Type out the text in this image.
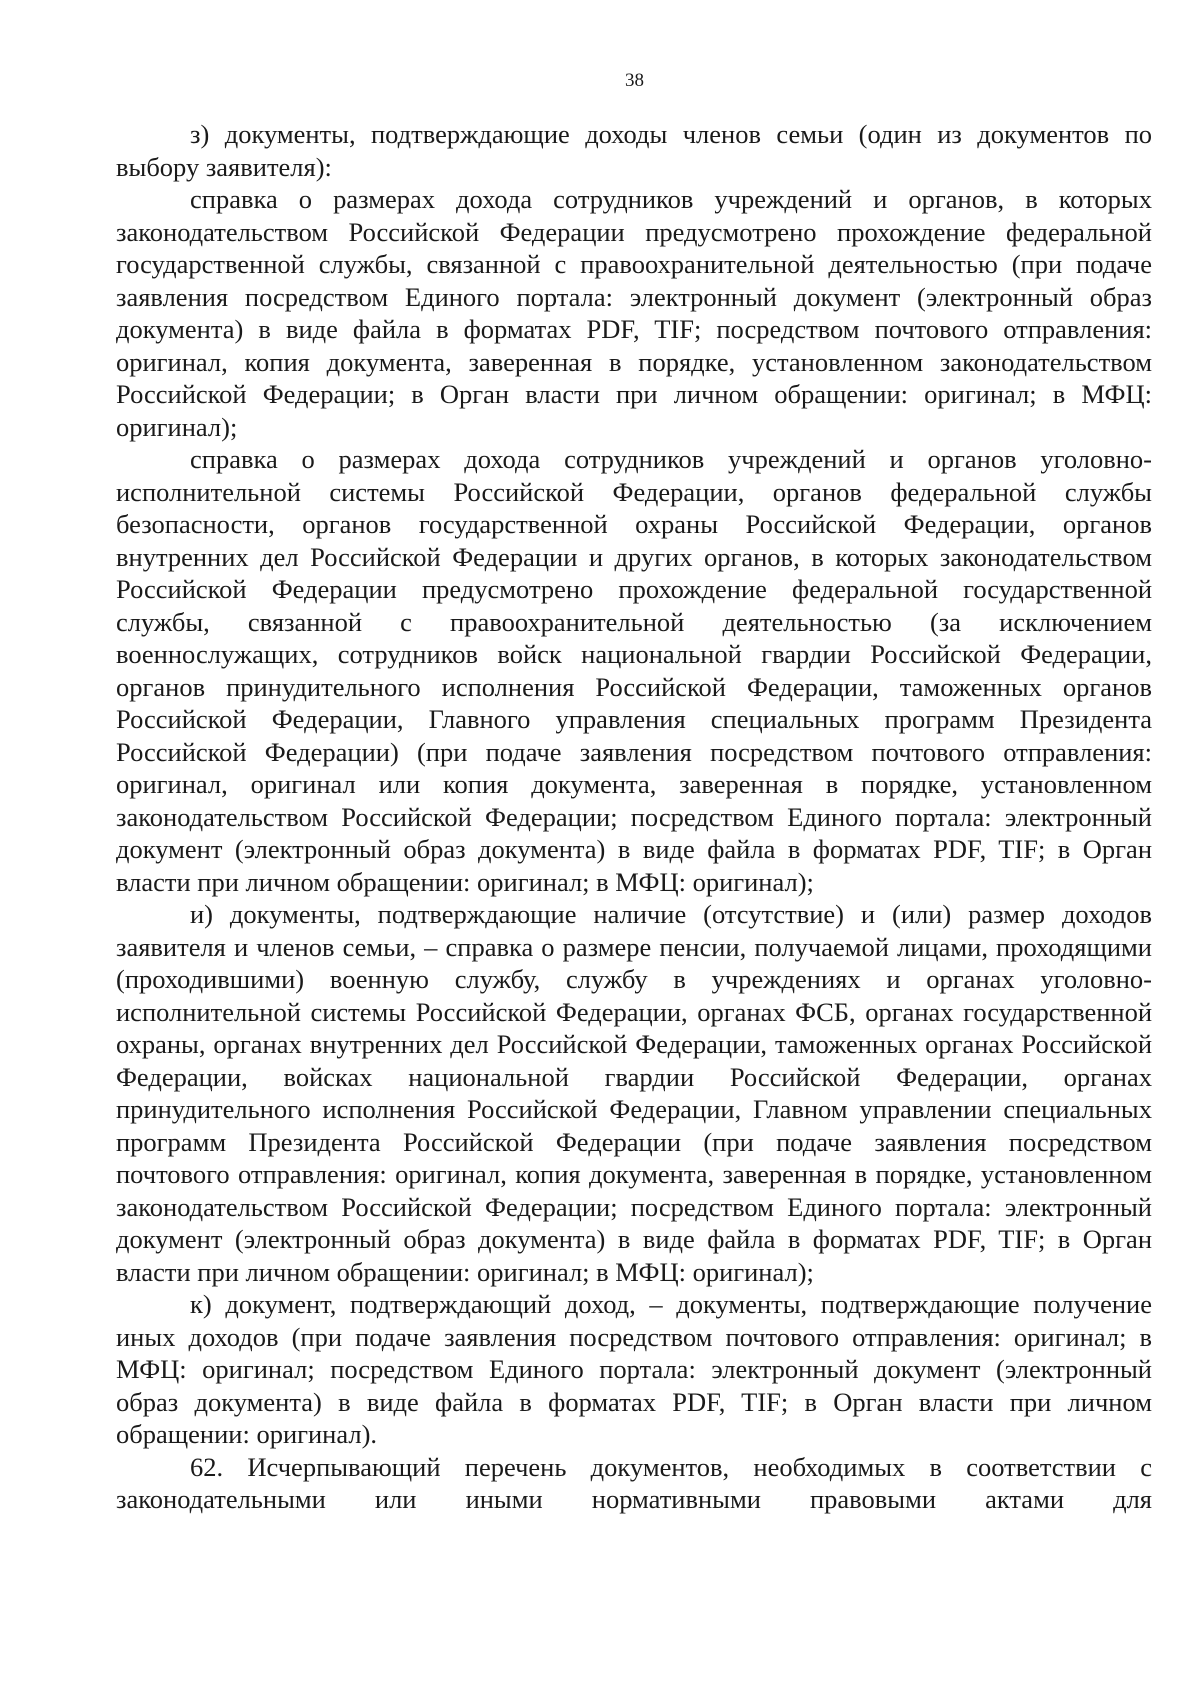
38

з) документы, подтверждающие доходы членов семьи (один из документов по выбору заявителя):

справка о размерах дохода сотрудников учреждений и органов, в которых законодательством Российской Федерации предусмотрено прохождение федеральной государственной службы, связанной с правоохранительной деятельностью (при подаче заявления посредством Единого портала: электронный документ (электронный образ документа) в виде файла в форматах PDF, TIF; посредством почтового отправления: оригинал, копия документа, заверенная в порядке, установленном законодательством Российской Федерации; в Орган власти при личном обращении: оригинал; в МФЦ: оригинал);

справка о размерах дохода сотрудников учреждений и органов уголовно-исполнительной системы Российской Федерации, органов федеральной службы безопасности, органов государственной охраны Российской Федерации, органов внутренних дел Российской Федерации и других органов, в которых законодательством Российской Федерации предусмотрено прохождение федеральной государственной службы, связанной с правоохранительной деятельностью (за исключением военнослужащих, сотрудников войск национальной гвардии Российской Федерации, органов принудительного исполнения Российской Федерации, таможенных органов Российской Федерации, Главного управления специальных программ Президента Российской Федерации) (при подаче заявления посредством почтового отправления: оригинал, оригинал или копия документа, заверенная в порядке, установленном законодательством Российской Федерации; посредством Единого портала: электронный документ (электронный образ документа) в виде файла в форматах PDF, TIF; в Орган власти при личном обращении: оригинал; в МФЦ: оригинал);

и) документы, подтверждающие наличие (отсутствие) и (или) размер доходов заявителя и членов семьи, – справка о размере пенсии, получаемой лицами, проходящими (проходившими) военную службу, службу в учреждениях и органах уголовно-исполнительной системы Российской Федерации, органах ФСБ, органах государственной охраны, органах внутренних дел Российской Федерации, таможенных органах Российской Федерации, войсках национальной гвардии Российской Федерации, органах принудительного исполнения Российской Федерации, Главном управлении специальных программ Президента Российской Федерации (при подаче заявления посредством почтового отправления: оригинал, копия документа, заверенная в порядке, установленном законодательством Российской Федерации; посредством Единого портала: электронный документ (электронный образ документа) в виде файла в форматах PDF, TIF; в Орган власти при личном обращении: оригинал; в МФЦ: оригинал);

к) документ, подтверждающий доход, – документы, подтверждающие получение иных доходов (при подаче заявления посредством почтового отправления: оригинал; в МФЦ: оригинал; посредством Единого портала: электронный документ (электронный образ документа) в виде файла в форматах PDF, TIF; в Орган власти при личном обращении: оригинал).

62. Исчерпывающий перечень документов, необходимых в соответствии с законодательными или иными нормативными правовыми актами для
